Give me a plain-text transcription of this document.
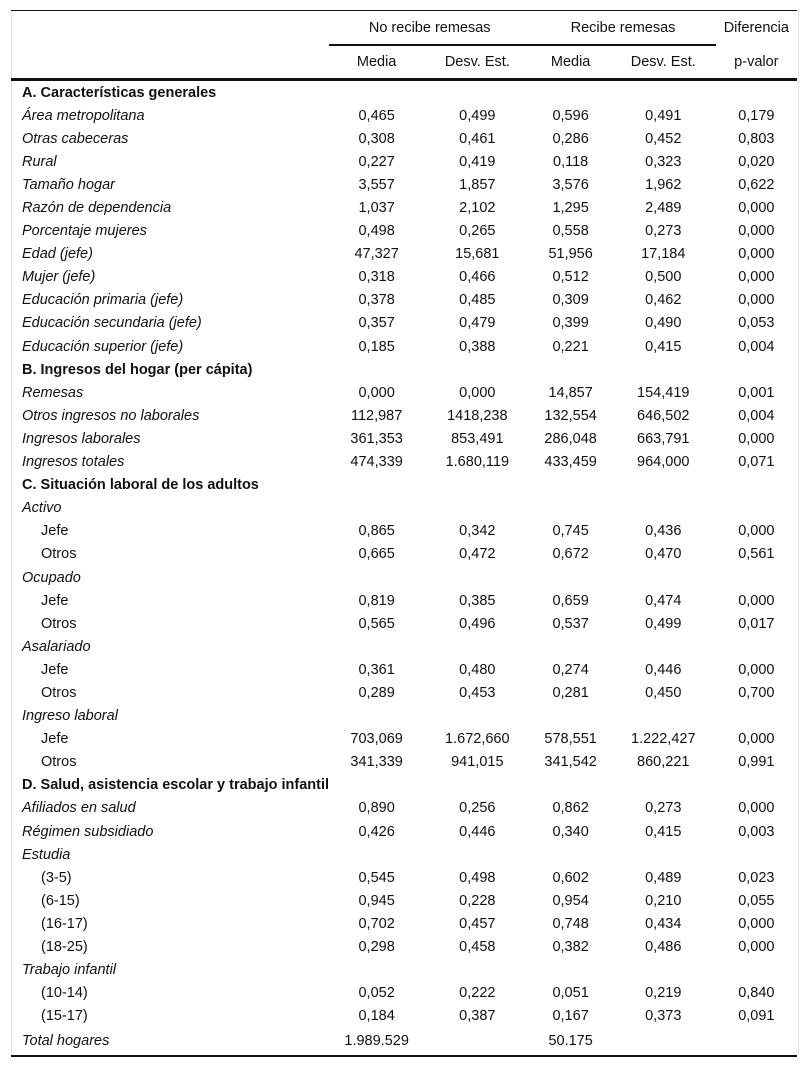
	No recibe remesas		Recibe remesas		Diferencia
	Media	Desv. Est.	Media	Desv. Est.	p-valor
A. Características generales					
Área metropolitana	0,465	0,499	0,596	0,491	0,179
Otras cabeceras	0,308	0,461	0,286	0,452	0,803
Rural	0,227	0,419	0,118	0,323	0,020
Tamaño hogar	3,557	1,857	3,576	1,962	0,622
Razón de dependencia	1,037	2,102	1,295	2,489	0,000
Porcentaje mujeres	0,498	0,265	0,558	0,273	0,000
Edad (jefe)	47,327	15,681	51,956	17,184	0,000
Mujer (jefe)	0,318	0,466	0,512	0,500	0,000
Educación primaria (jefe)	0,378	0,485	0,309	0,462	0,000
Educación secundaria (jefe)	0,357	0,479	0,399	0,490	0,053
Educación superior (jefe)	0,185	0,388	0,221	0,415	0,004
B. Ingresos del hogar (per cápita)					
Remesas	0,000	0,000	14,857	154,419	0,001
Otros ingresos no laborales	112,987	1418,238	132,554	646,502	0,004
Ingresos laborales	361,353	853,491	286,048	663,791	0,000
Ingresos totales	474,339	1.680,119	433,459	964,000	0,071
C. Situación laboral de los adultos					
Activo					
Jefe	0,865	0,342	0,745	0,436	0,000
Otros	0,665	0,472	0,672	0,470	0,561
Ocupado					
Jefe	0,819	0,385	0,659	0,474	0,000
Otros	0,565	0,496	0,537	0,499	0,017
Asalariado					
Jefe	0,361	0,480	0,274	0,446	0,000
Otros	0,289	0,453	0,281	0,450	0,700
Ingreso laboral					
Jefe	703,069	1.672,660	578,551	1.222,427	0,000
Otros	341,339	941,015	341,542	860,221	0,991
D. Salud, asistencia escolar y trabajo infantil					
Afiliados en salud	0,890	0,256	0,862	0,273	0,000
Régimen subsidiado	0,426	0,446	0,340	0,415	0,003
Estudia					
(3-5)	0,545	0,498	0,602	0,489	0,023
(6-15)	0,945	0,228	0,954	0,210	0,055
(16-17)	0,702	0,457	0,748	0,434	0,000
(18-25)	0,298	0,458	0,382	0,486	0,000
Trabajo infantil					
(10-14)	0,052	0,222	0,051	0,219	0,840
(15-17)	0,184	0,387	0,167	0,373	0,091
Total hogares	1.989.529		50.175		
